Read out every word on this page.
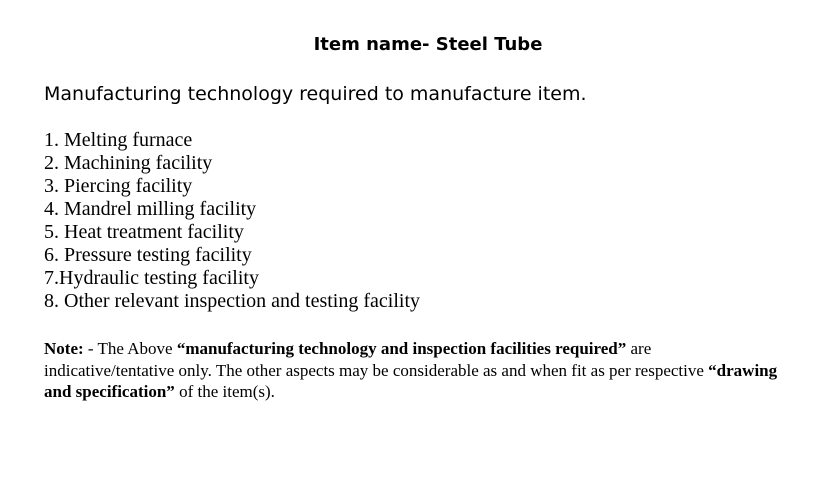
Item name- Steel Tube
Manufacturing technology required to manufacture item.
1. Melting furnace
2. Machining facility
3. Piercing facility
4. Mandrel milling facility
5. Heat treatment facility
6. Pressure testing facility
7.Hydraulic testing facility
8. Other relevant inspection and testing facility

Note: - The Above “manufacturing technology and inspection facilities required” are indicative/tentative only. The other aspects may be considerable as and when fit as per respective “drawing and specification” of the item(s).
